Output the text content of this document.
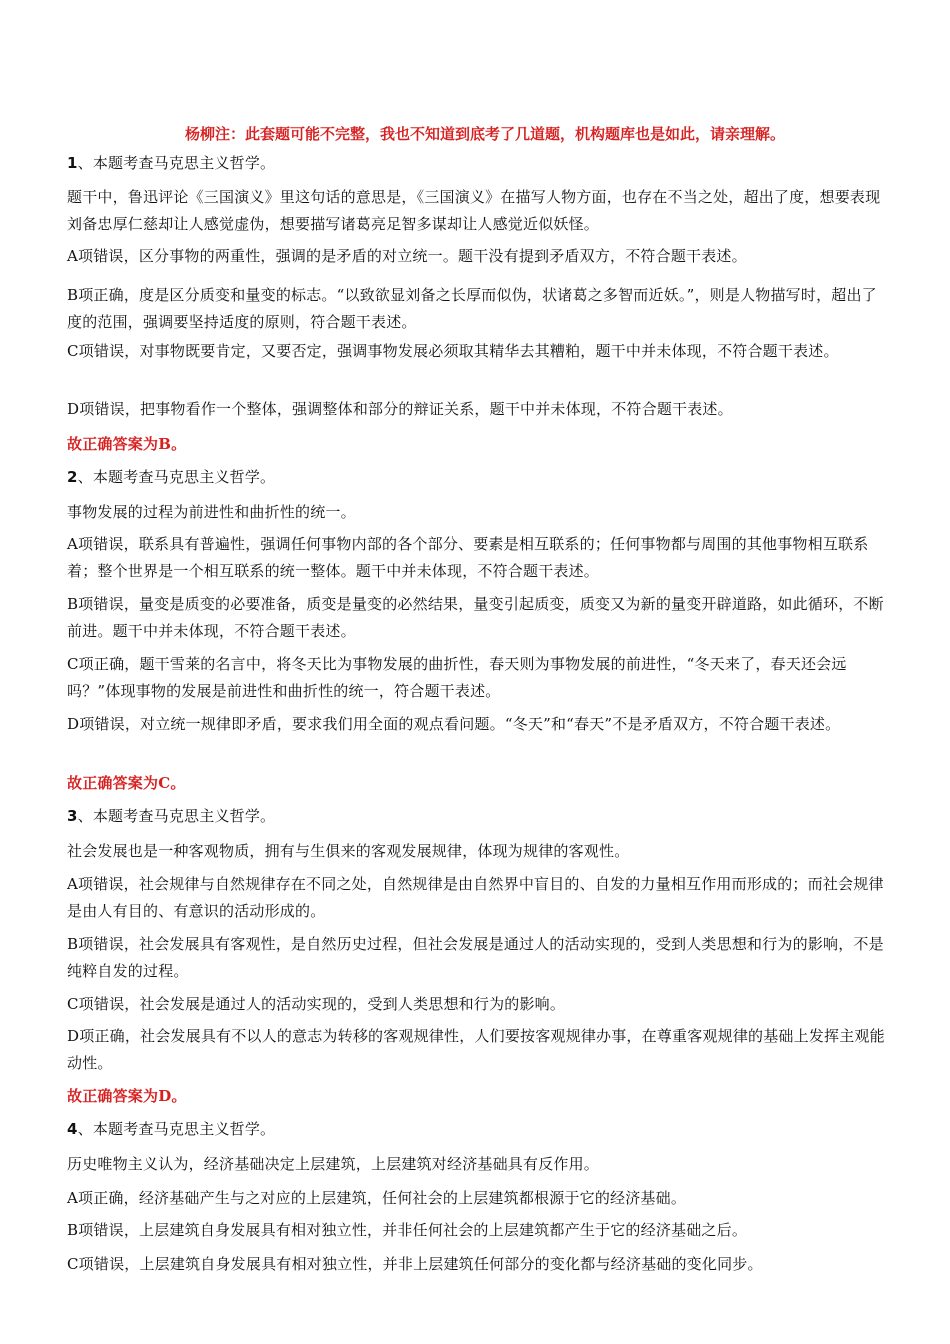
杨柳注：此套题可能不完整，我也不知道到底考了几道题，机构题库也是如此，请亲理解。
1、本题考查马克思主义哲学。
题干中，鲁迅评论《三国演义》里这句话的意思是，《三国演义》在描写人物方面，也存在不当之处，超出了度，想要表现刘备忠厚仁慈却让人感觉虚伪，想要描写诸葛亮足智多谋却让人感觉近似妖怪。
A项错误，区分事物的两重性，强调的是矛盾的对立统一。题干没有提到矛盾双方，不符合题干表述。
B项正确，度是区分质变和量变的标志。“以致欲显刘备之长厚而似伪，状诸葛之多智而近妖。”，则是人物描写时，超出了度的范围，强调要坚持适度的原则，符合题干表述。
C项错误，对事物既要肯定，又要否定，强调事物发展必须取其精华去其糟粕，题干中并未体现，不符合题干表述。
D项错误，把事物看作一个整体，强调整体和部分的辩证关系，题干中并未体现，不符合题干表述。
故正确答案为B。
2、本题考查马克思主义哲学。
事物发展的过程为前进性和曲折性的统一。
A项错误，联系具有普遍性，强调任何事物内部的各个部分、要素是相互联系的；任何事物都与周围的其他事物相互联系着；整个世界是一个相互联系的统一整体。题干中并未体现，不符合题干表述。
B项错误，量变是质变的必要准备，质变是量变的必然结果，量变引起质变，质变又为新的量变开辟道路，如此循环，不断前进。题干中并未体现，不符合题干表述。
C项正确，题干雪莱的名言中，将冬天比为事物发展的曲折性，春天则为事物发展的前进性，“冬天来了，春天还会远吗？”体现事物的发展是前进性和曲折性的统一，符合题干表述。
D项错误，对立统一规律即矛盾，要求我们用全面的观点看问题。“冬天”和“春天”不是矛盾双方，不符合题干表述。
故正确答案为C。
3、本题考查马克思主义哲学。
社会发展也是一种客观物质，拥有与生俱来的客观发展规律，体现为规律的客观性。
A项错误，社会规律与自然规律存在不同之处，自然规律是由自然界中盲目的、自发的力量相互作用而形成的；而社会规律是由人有目的、有意识的活动形成的。
B项错误，社会发展具有客观性，是自然历史过程，但社会发展是通过人的活动实现的，受到人类思想和行为的影响，不是纯粹自发的过程。
C项错误，社会发展是通过人的活动实现的，受到人类思想和行为的影响。
D项正确，社会发展具有不以人的意志为转移的客观规律性，人们要按客观规律办事，在尊重客观规律的基础上发挥主观能动性。
故正确答案为D。
4、本题考查马克思主义哲学。
历史唯物主义认为，经济基础决定上层建筑，上层建筑对经济基础具有反作用。
A项正确，经济基础产生与之对应的上层建筑，任何社会的上层建筑都根源于它的经济基础。
B项错误，上层建筑自身发展具有相对独立性，并非任何社会的上层建筑都产生于它的经济基础之后。
C项错误，上层建筑自身发展具有相对独立性，并非上层建筑任何部分的变化都与经济基础的变化同步。
